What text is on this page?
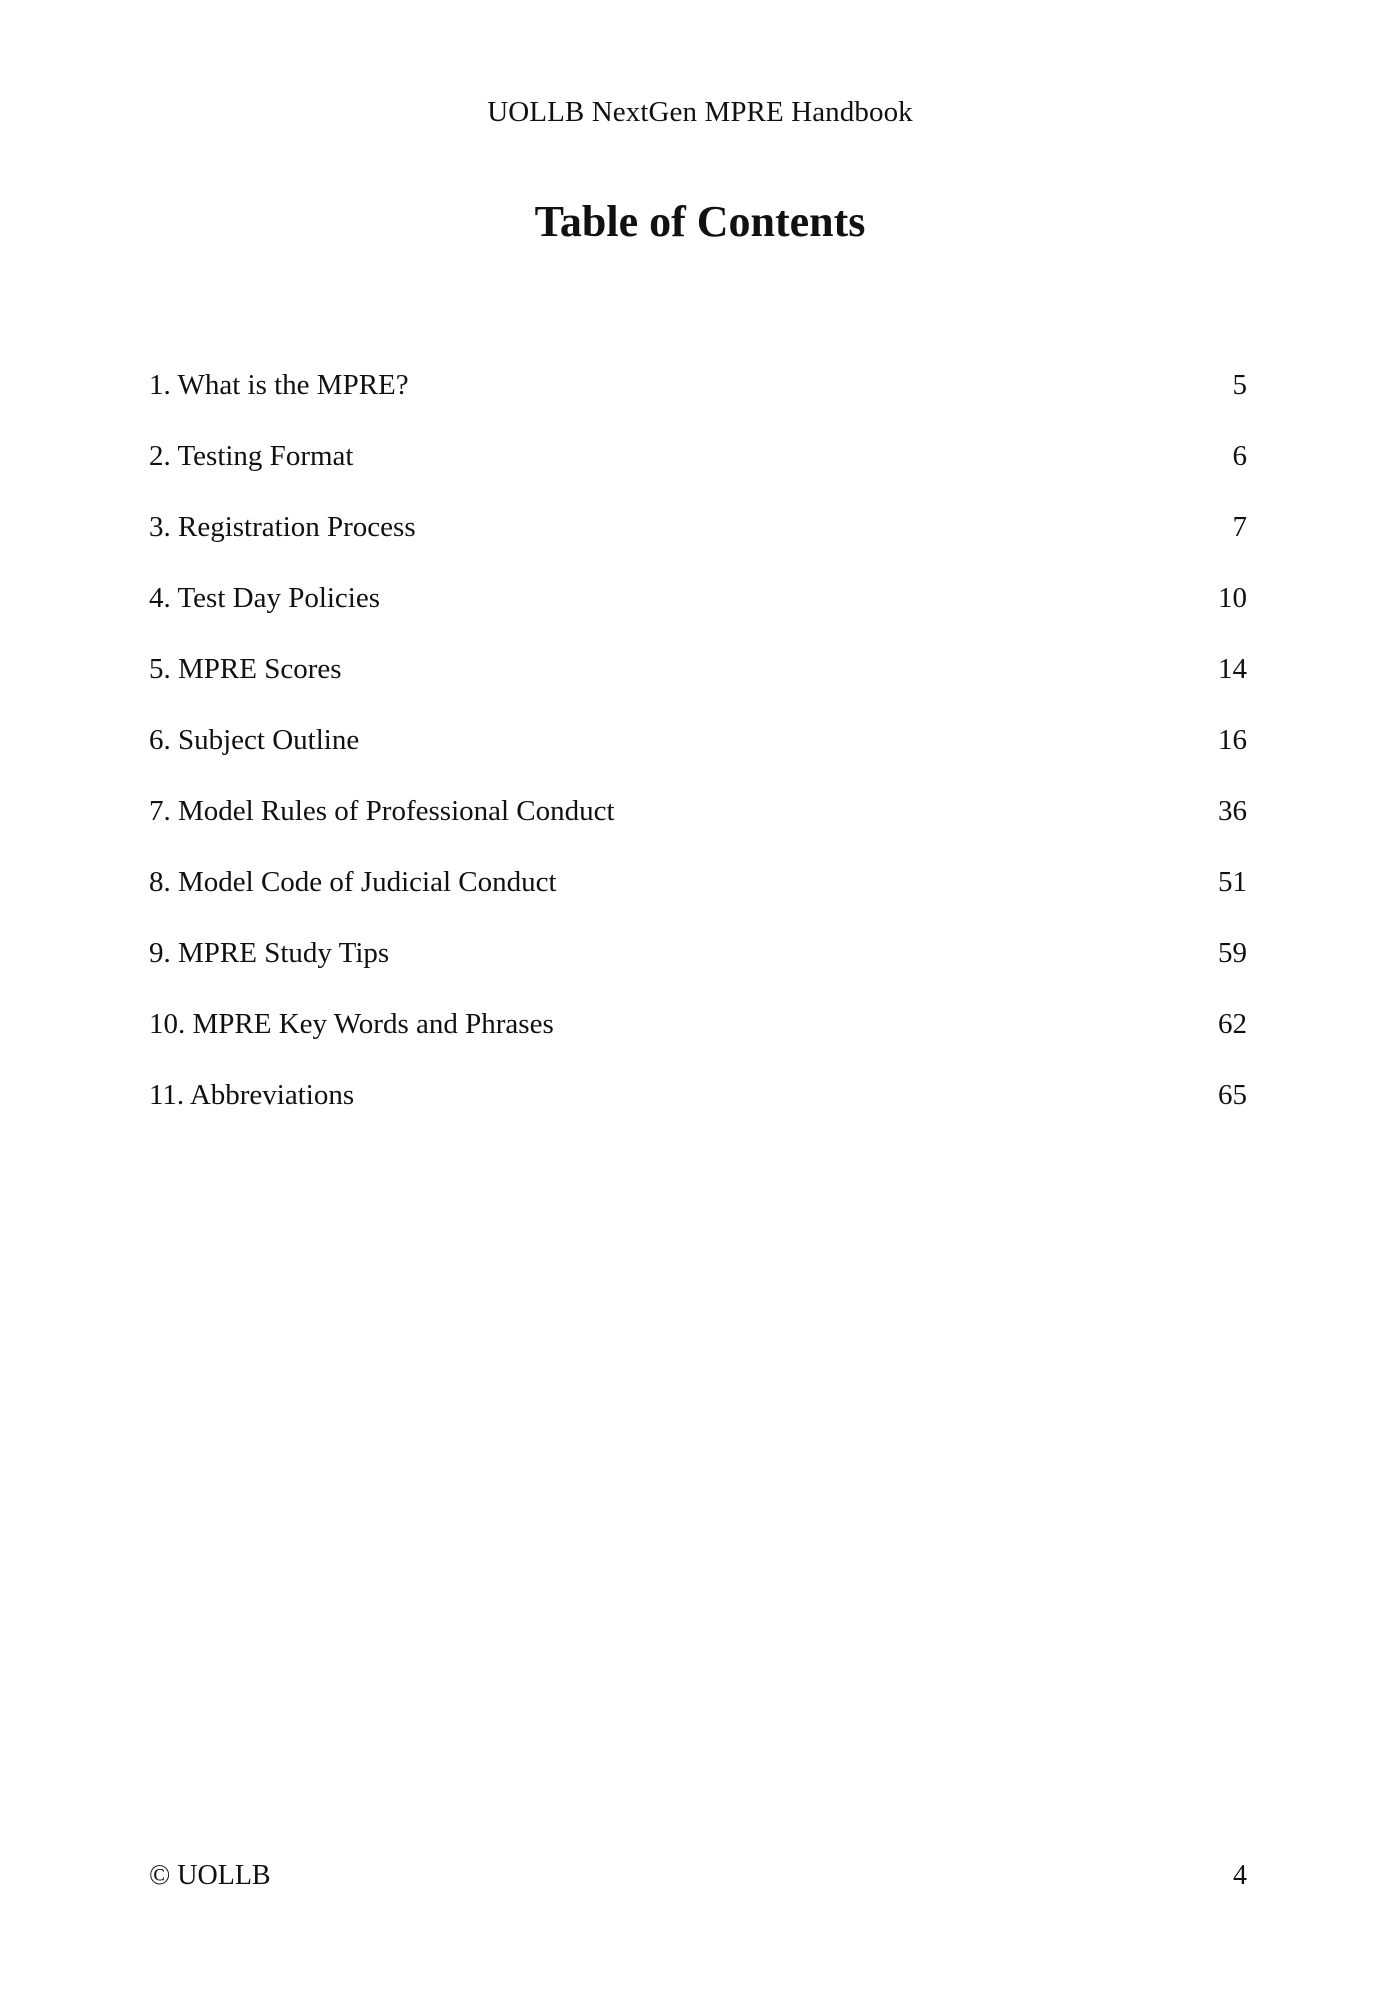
UOLLB NextGen MPRE Handbook
Table of Contents
1. What is the MPRE?	5
2. Testing Format	6
3. Registration Process	7
4. Test Day Policies	10
5. MPRE Scores	14
6. Subject Outline	16
7. Model Rules of Professional Conduct	36
8. Model Code of Judicial Conduct	51
9. MPRE Study Tips	59
10. MPRE Key Words and Phrases	62
11. Abbreviations	65
© UOLLB	4
